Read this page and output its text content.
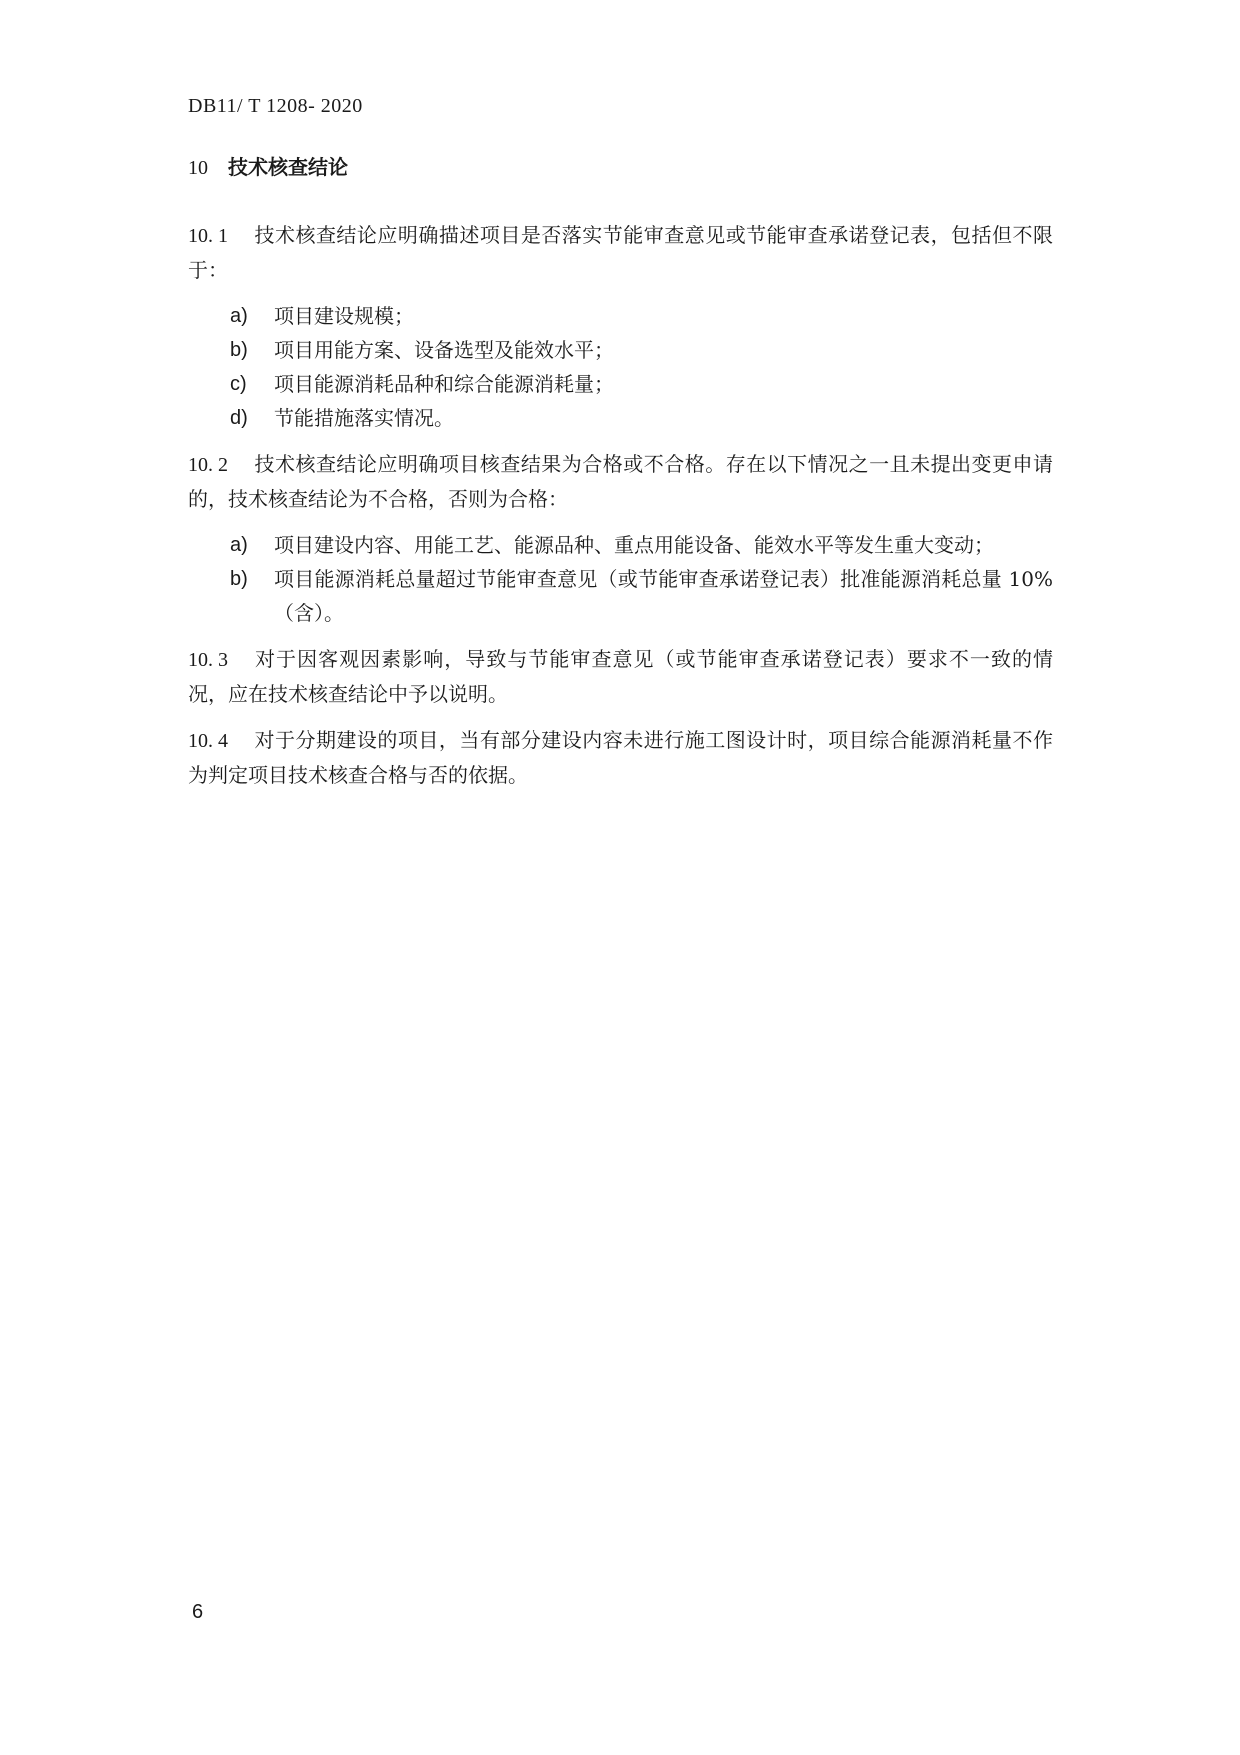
DB11/ T 1208- 2020
10 技术核查结论

10. 1 技术核查结论应明确描述项目是否落实节能审查意见或节能审查承诺登记表，包括但不限于：

a)	项目建设规模；
b)	项目用能方案、设备选型及能效水平；
c)	项目能源消耗品种和综合能源消耗量；
d)	节能措施落实情况。

10. 2 技术核查结论应明确项目核查结果为合格或不合格。存在以下情况之一且未提出变更申请的，技术核查结论为不合格，否则为合格：

a)	项目建设内容、用能工艺、能源品种、重点用能设备、能效水平等发生重大变动；
b)	项目能源消耗总量超过节能审查意见（或节能审查承诺登记表）批准能源消耗总量 10%（含）。

10. 3 对于因客观因素影响，导致与节能审查意见（或节能审查承诺登记表）要求不一致的情况，应在技术核查结论中予以说明。

10. 4 对于分期建设的项目，当有部分建设内容未进行施工图设计时，项目综合能源消耗量不作为判定项目技术核查合格与否的依据。

6
